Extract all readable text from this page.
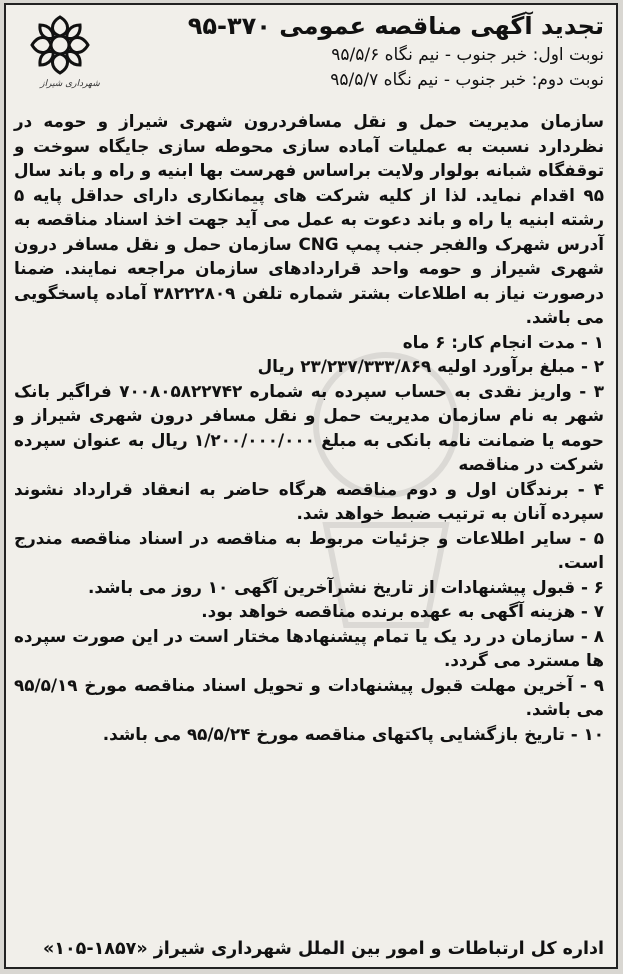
شهرداری شیراز
تجدید آگهی مناقصه عمومی ۳۷۰-۹۵
نوبت اول: خبر جنوب - نیم نگاه ۹۵/۵/۶
نوبت دوم: خبر جنوب - نیم نگاه ۹۵/۵/۷

سازمان مدیریت حمل و نقل مسافردرون شهری شیراز و حومه در نظردارد نسبت به عملیات آماده سازی محوطه سازی جایگاه سوخت و توقفگاه شبانه بولوار ولایت براساس فهرست بها ابنیه و راه و باند سال ۹۵ اقدام نماید. لذا از کلیه شرکت های پیمانکاری دارای حداقل پایه ۵ رشته ابنیه یا راه و باند دعوت به عمل می آید جهت اخذ اسناد مناقصه به آدرس شهرک والفجر جنب پمپ CNG سازمان حمل و نقل مسافر درون شهری شیراز و حومه واحد قراردادهای سازمان مراجعه نمایند. ضمنا درصورت نیاز به اطلاعات بشتر شماره تلفن ۳۸۲۲۲۸۰۹ آماده پاسخگویی می باشد.

۱ - مدت انجام کار: ۶ ماه
۲ - مبلغ برآورد اولیه ۲۳/۲۳۷/۳۳۳/۸۶۹ ریال
۳ - واریز نقدی به حساب سپرده به شماره ۷۰۰۸۰۵۸۲۲۷۴۲ فراگیر بانک شهر به نام سازمان مدیریت حمل و نقل مسافر درون شهری شیراز و حومه یا ضمانت نامه بانکی به مبلغ ۱/۲۰۰/۰۰۰/۰۰۰ ریال به عنوان سپرده شرکت در مناقصه
۴ - برندگان اول و دوم مناقصه هرگاه حاضر به انعقاد قرارداد نشوند سپرده آنان به ترتیب ضبط خواهد شد.
۵ - سایر اطلاعات و جزئیات مربوط به مناقصه در اسناد مناقصه مندرج است.
۶ - قبول پیشنهادات از تاریخ نشرآخرین آگهی ۱۰ روز می باشد.
۷ - هزینه آگهی به عهده برنده مناقصه خواهد بود.
۸ - سازمان در رد یک یا تمام پیشنهادها مختار است در این صورت سپرده ها مسترد می گردد.
۹ - آخرین مهلت قبول پیشنهادات و تحویل اسناد مناقصه مورخ ۹۵/۵/۱۹ می باشد.
۱۰ - تاریخ بازگشایی پاکتهای مناقصه مورخ ۹۵/۵/۲۴ می باشد.
اداره کل ارتباطات و امور بین الملل شهرداری شیراز «۱۸۵۷-۱۰۵»
